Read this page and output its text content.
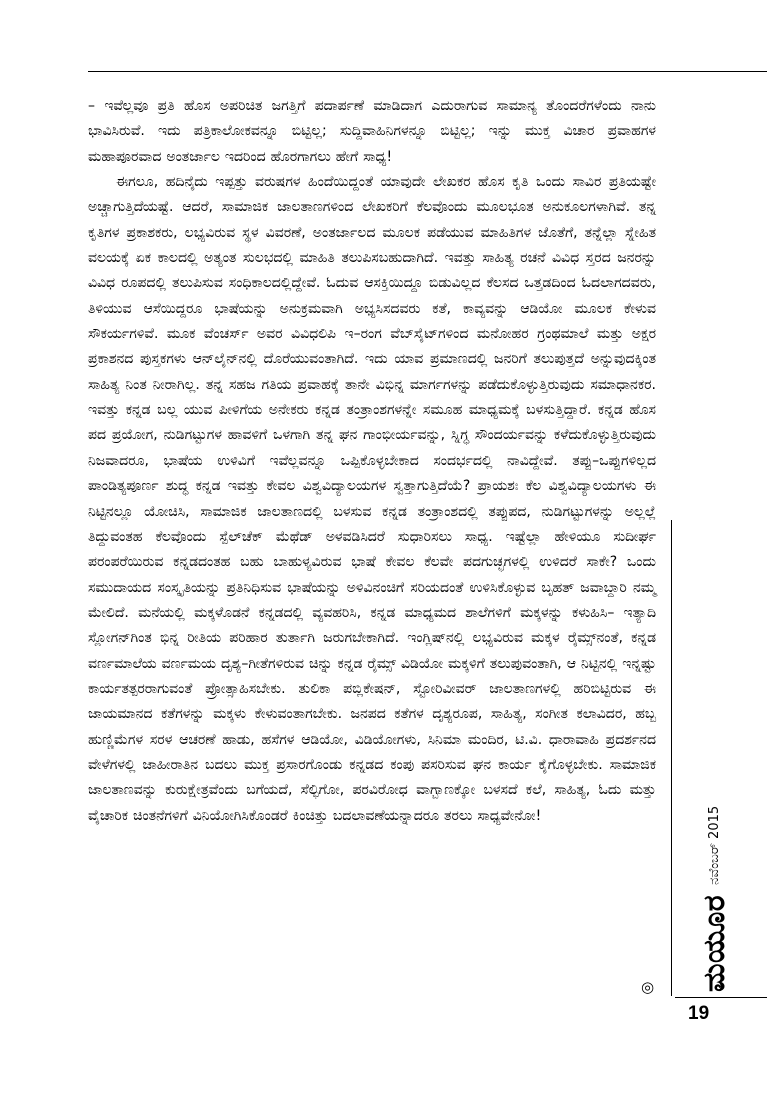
– ಇವೆಲ್ಲವೂ ಪ್ರತಿ ಹೊಸ ಅಪರಿಚಿತ ಜಗತ್ತಿಗೆ ಪದಾರ್ಪಣೆ ಮಾಡಿದಾಗ ಎದುರಾಗುವ ಸಾಮಾನ್ಯ ತೊಂದರೆಗಳೆಂದು ನಾನು ಭಾವಿಸಿರುವೆ. ಇದು ಪತ್ರಿಕಾಲೋಕವನ್ನೂ ಬಿಟ್ಟಿಲ್ಲ; ಸುದ್ದಿವಾಹಿನಿಗಳನ್ನೂ ಬಿಟ್ಟಿಲ್ಲ; ಇನ್ನು ಮುಕ್ತ ವಿಚಾರ ಪ್ರವಾಹಗಳ ಮಹಾಪೂರವಾದ ಅಂತರ್ಜಾಲ ಇದರಿಂದ ಹೊರಗಾಗಲು ಹೇಗೆ ಸಾಧ್ಯ!

ಈಗಲೂ, ಹದಿನೈದು ಇಪ್ಪತ್ತು ವರುಷಗಳ ಹಿಂದೆಯಿದ್ದಂತೆ ಯಾವುದೇ ಲೇಖಕರ ಹೊಸ ಕೃತಿ ಒಂದು ಸಾವಿರ ಪ್ರತಿಯಷ್ಟೇ ಅಚ್ಚಾಗುತ್ತಿದೆಯಷ್ಟೆ. ಆದರೆ, ಸಾಮಾಜಿಕ ಜಾಲತಾಣಗಳಿಂದ ಲೇಖಕರಿಗೆ ಕೆಲವೊಂದು ಮೂಲಭೂತ ಅನುಕೂಲಗಳಾಗಿವೆ. ತನ್ನ ಕೃತಿಗಳ ಪ್ರಕಾಶಕರು, ಲಭ್ಯವಿರುವ ಸ್ಥಳ ವಿವರಣೆ, ಅಂತರ್ಜಾಲದ ಮೂಲಕ ಪಡೆಯುವ ಮಾಹಿತಿಗಳ ಜೊತೆಗೆ, ತನ್ನೆಲ್ಲಾ ಸ್ನೇಹಿತ ವಲಯಕ್ಕೆ ಏಕ ಕಾಲದಲ್ಲಿ ಅತ್ಯಂತ ಸುಲಭದಲ್ಲಿ ಮಾಹಿತಿ ತಲುಪಿಸಬಹುದಾಗಿದೆ. ಇವತ್ತು ಸಾಹಿತ್ಯ ರಚನೆ ವಿವಿಧ ಸ್ತರದ ಜನರನ್ನು ವಿವಿಧ ರೂಪದಲ್ಲಿ ತಲುಪಿಸುವ ಸಂಧಿಕಾಲದಲ್ಲಿದ್ದೇವೆ. ಓದುವ ಆಸಕ್ತಿಯಿದ್ದೂ ಬಿಡುವಿಲ್ಲದ ಕೆಲಸದ ಒತ್ತಡದಿಂದ ಓದಲಾಗದವರು, ತಿಳಿಯುವ ಆಸೆಯಿದ್ದರೂ ಭಾಷೆಯನ್ನು ಅನುಕ್ರಮವಾಗಿ ಅಭ್ಯಸಿಸದವರು ಕತೆ, ಕಾವ್ಯವನ್ನು ಆಡಿಯೋ ಮೂಲಕ ಕೇಳುವ ಸೌಕರ್ಯಗಳಿವೆ. ಮೂಕ ವೆಂಚರ್ಸ್ ಅವರ ವಿವಿಧಲಿಪಿ ಇ–ರಂಗ ವೆಬ್‌ಸೈಟ್‌ಗಳಿಂದ ಮನೋಹರ ಗ್ರಂಥಮಾಲೆ ಮತ್ತು ಅಕ್ಷರ ಪ್ರಕಾಶನದ ಪುಸ್ತಕಗಳು ಆನ್‌ಲೈನ್‌ನಲ್ಲಿ ದೊರೆಯುವಂತಾಗಿದೆ. ಇದು ಯಾವ ಪ್ರಮಾಣದಲ್ಲಿ ಜನರಿಗೆ ತಲುಪುತ್ತದೆ ಅನ್ನುವುದಕ್ಕಿಂತ ಸಾಹಿತ್ಯ ನಿಂತ ನೀರಾಗಿಲ್ಲ. ತನ್ನ ಸಹಜ ಗತಿಯ ಪ್ರವಾಹಕ್ಕೆ ತಾನೇ ವಿಭಿನ್ನ ಮಾರ್ಗಗಳನ್ನು ಪಡೆದುಕೊಳ್ಳುತ್ತಿರುವುದು ಸಮಾಧಾನಕರ. ಇವತ್ತು ಕನ್ನಡ ಬಲ್ಲ ಯುವ ಪೀಳಿಗೆಯ ಅನೇಕರು ಕನ್ನಡ ತಂತ್ರಾಂಶಗಳನ್ನೇ ಸಮೂಹ ಮಾಧ್ಯಮಕ್ಕೆ ಬಳಸುತ್ತಿದ್ದಾರೆ. ಕನ್ನಡ ಹೊಸ ಪದ ಪ್ರಯೋಗ, ನುಡಿಗಟ್ಟುಗಳ ಹಾವಳಿಗೆ ಒಳಗಾಗಿ ತನ್ನ ಘನ ಗಾಂಭೀರ್ಯವನ್ನು, ಸ್ನಿಗ್ಧ ಸೌಂದರ್ಯವನ್ನು ಕಳೆದುಕೊಳ್ಳುತ್ತಿರುವುದು ನಿಜವಾದರೂ, ಭಾಷೆಯ ಉಳಿವಿಗೆ ಇವೆಲ್ಲವನ್ನೂ ಒಪ್ಪಿಕೊಳ್ಳಬೇಕಾದ ಸಂದರ್ಭದಲ್ಲಿ ನಾವಿದ್ದೇವೆ. ತಪ್ಪು–ಒಪ್ಪುಗಳಿಲ್ಲದ ಪಾಂಡಿತ್ಯಪೂರ್ಣ ಶುದ್ಧ ಕನ್ನಡ ಇವತ್ತು ಕೇವಲ ವಿಶ್ವವಿದ್ಯಾಲಯಗಳ ಸ್ವತ್ತಾಗುತ್ತಿದೆಯೆ? ಪ್ರಾಯಶಃ ಕೆಲ ವಿಶ್ವವಿದ್ಯಾಲಯಗಳು ಈ ನಿಟ್ಟಿನಲ್ಲೂ ಯೋಚಿಸಿ, ಸಾಮಾಜಿಕ ಜಾಲತಾಣದಲ್ಲಿ ಬಳಸುವ ಕನ್ನಡ ತಂತ್ರಾಂಶದಲ್ಲಿ ತಪ್ಪುಪದ, ನುಡಿಗಟ್ಟುಗಳನ್ನು ಅಲ್ಲಲ್ಲೆ ತಿದ್ದುವಂತಹ ಕೆಲವೊಂದು ಸ್ಪೆಲ್‌ಚೆಕ್ ಮೆಥೆಡ್ ಅಳವಡಿಸಿದರೆ ಸುಧಾರಿಸಲು ಸಾಧ್ಯ. ಇಷ್ಟೆಲ್ಲಾ ಹೇಳಿಯೂ ಸುದೀರ್ಘ ಪರಂಪರೆಯಿರುವ ಕನ್ನಡದಂತಹ ಬಹು ಬಾಹುಳ್ಯವಿರುವ ಭಾಷೆ ಕೇವಲ ಕೆಲವೇ ಪದಗುಚ್ಛಗಳಲ್ಲಿ ಉಳಿದರೆ ಸಾಕೇ? ಒಂದು ಸಮುದಾಯದ ಸಂಸ್ಕೃತಿಯನ್ನು ಪ್ರತಿನಿಧಿಸುವ ಭಾಷೆಯನ್ನು ಅಳಿವಿನಂಚಿಗೆ ಸರಿಯದಂತೆ ಉಳಿಸಿಕೊಳ್ಳುವ ಬೃಹತ್ ಜವಾಬ್ದಾರಿ ನಮ್ಮ ಮೇಲಿದೆ. ಮನೆಯಲ್ಲಿ ಮಕ್ಕಳೊಡನೆ ಕನ್ನಡದಲ್ಲಿ ವ್ಯವಹರಿಸಿ, ಕನ್ನಡ ಮಾಧ್ಯಮದ ಶಾಲೆಗಳಿಗೆ ಮಕ್ಕಳನ್ನು ಕಳುಹಿಸಿ– ಇತ್ಯಾದಿ ಸ್ಲೋಗನ್‌ಗಿಂತ ಭಿನ್ನ ರೀತಿಯ ಪರಿಹಾರ ತುರ್ತಾಗಿ ಜರುಗಬೇಕಾಗಿದೆ. ಇಂಗ್ಲಿಷ್‌ನಲ್ಲಿ ಲಭ್ಯವಿರುವ ಮಕ್ಕಳ ರೈಮ್ಸ್‌ನಂತೆ, ಕನ್ನಡ ವರ್ಣಮಾಲೆಯ ವರ್ಣಮಯ ದೃಶ್ಯ–ಗೀತೆಗಳಿರುವ ಚಿನ್ನು ಕನ್ನಡ ರೈಮ್ಸ್ ವಿಡಿಯೋ ಮಕ್ಕಳಿಗೆ ತಲುಪುವಂತಾಗಿ, ಆ ನಿಟ್ಟಿನಲ್ಲಿ ಇನ್ನಷ್ಟು ಕಾರ್ಯತತ್ಪರರಾಗುವಂತೆ ಪ್ರೋತ್ಸಾಹಿಸಬೇಕು. ತುಲಿಕಾ ಪಬ್ಲಿಕೇಷನ್, ಸ್ಟೋರಿವೀವರ್ ಜಾಲತಾಣಗಳಲ್ಲಿ ಹರಿಬಿಟ್ಟಿರುವ ಈ ಜಾಯಮಾನದ ಕತೆಗಳನ್ನು ಮಕ್ಕಳು ಕೇಳುವಂತಾಗಬೇಕು. ಜನಪದ ಕತೆಗಳ ದೃಶ್ಯರೂಪ, ಸಾಹಿತ್ಯ, ಸಂಗೀತ ಕಲಾವಿದರ, ಹಬ್ಬ ಹುಣ್ಣಿಮೆಗಳ ಸರಳ ಆಚರಣೆ ಹಾಡು, ಹಸೆಗಳ ಆಡಿಯೋ, ವಿಡಿಯೋಗಳು, ಸಿನಿಮಾ ಮಂದಿರ, ಟಿ.ವಿ. ಧಾರಾವಾಹಿ ಪ್ರದರ್ಶನದ ವೇಳೆಗಳಲ್ಲಿ ಜಾಹೀರಾತಿನ ಬದಲು ಮುಕ್ತ ಪ್ರಸಾರಗೊಂಡು ಕನ್ನಡದ ಕಂಪು ಪಸರಿಸುವ ಘನ ಕಾರ್ಯ ಕೈಗೊಳ್ಳಬೇಕು. ಸಾಮಾಜಿಕ ಜಾಲತಾಣವನ್ನು ಕುರುಕ್ಷೇತ್ರವೆಂದು ಬಗೆಯದೆ, ಸೆಲ್ಫಿಗೋ, ಪರವಿರೋಧ ವಾಗ್ಬಾಣಕ್ಕೋ ಬಳಸದೆ ಕಲೆ, ಸಾಹಿತ್ಯ, ಓದು ಮತ್ತು ವೈಚಾರಿಕ ಚಿಂತನೆಗಳಿಗೆ ವಿನಿಯೋಗಿಸಿಕೊಂಡರೆ ಕಿಂಚಿತ್ತು ಬದಲಾವಣೆಯನ್ನಾದರೂ ತರಲು ಸಾಧ್ಯವೇನೋ!

◎ ಮಯೂರ
ನವೆಂಬರ್ 2015
19
